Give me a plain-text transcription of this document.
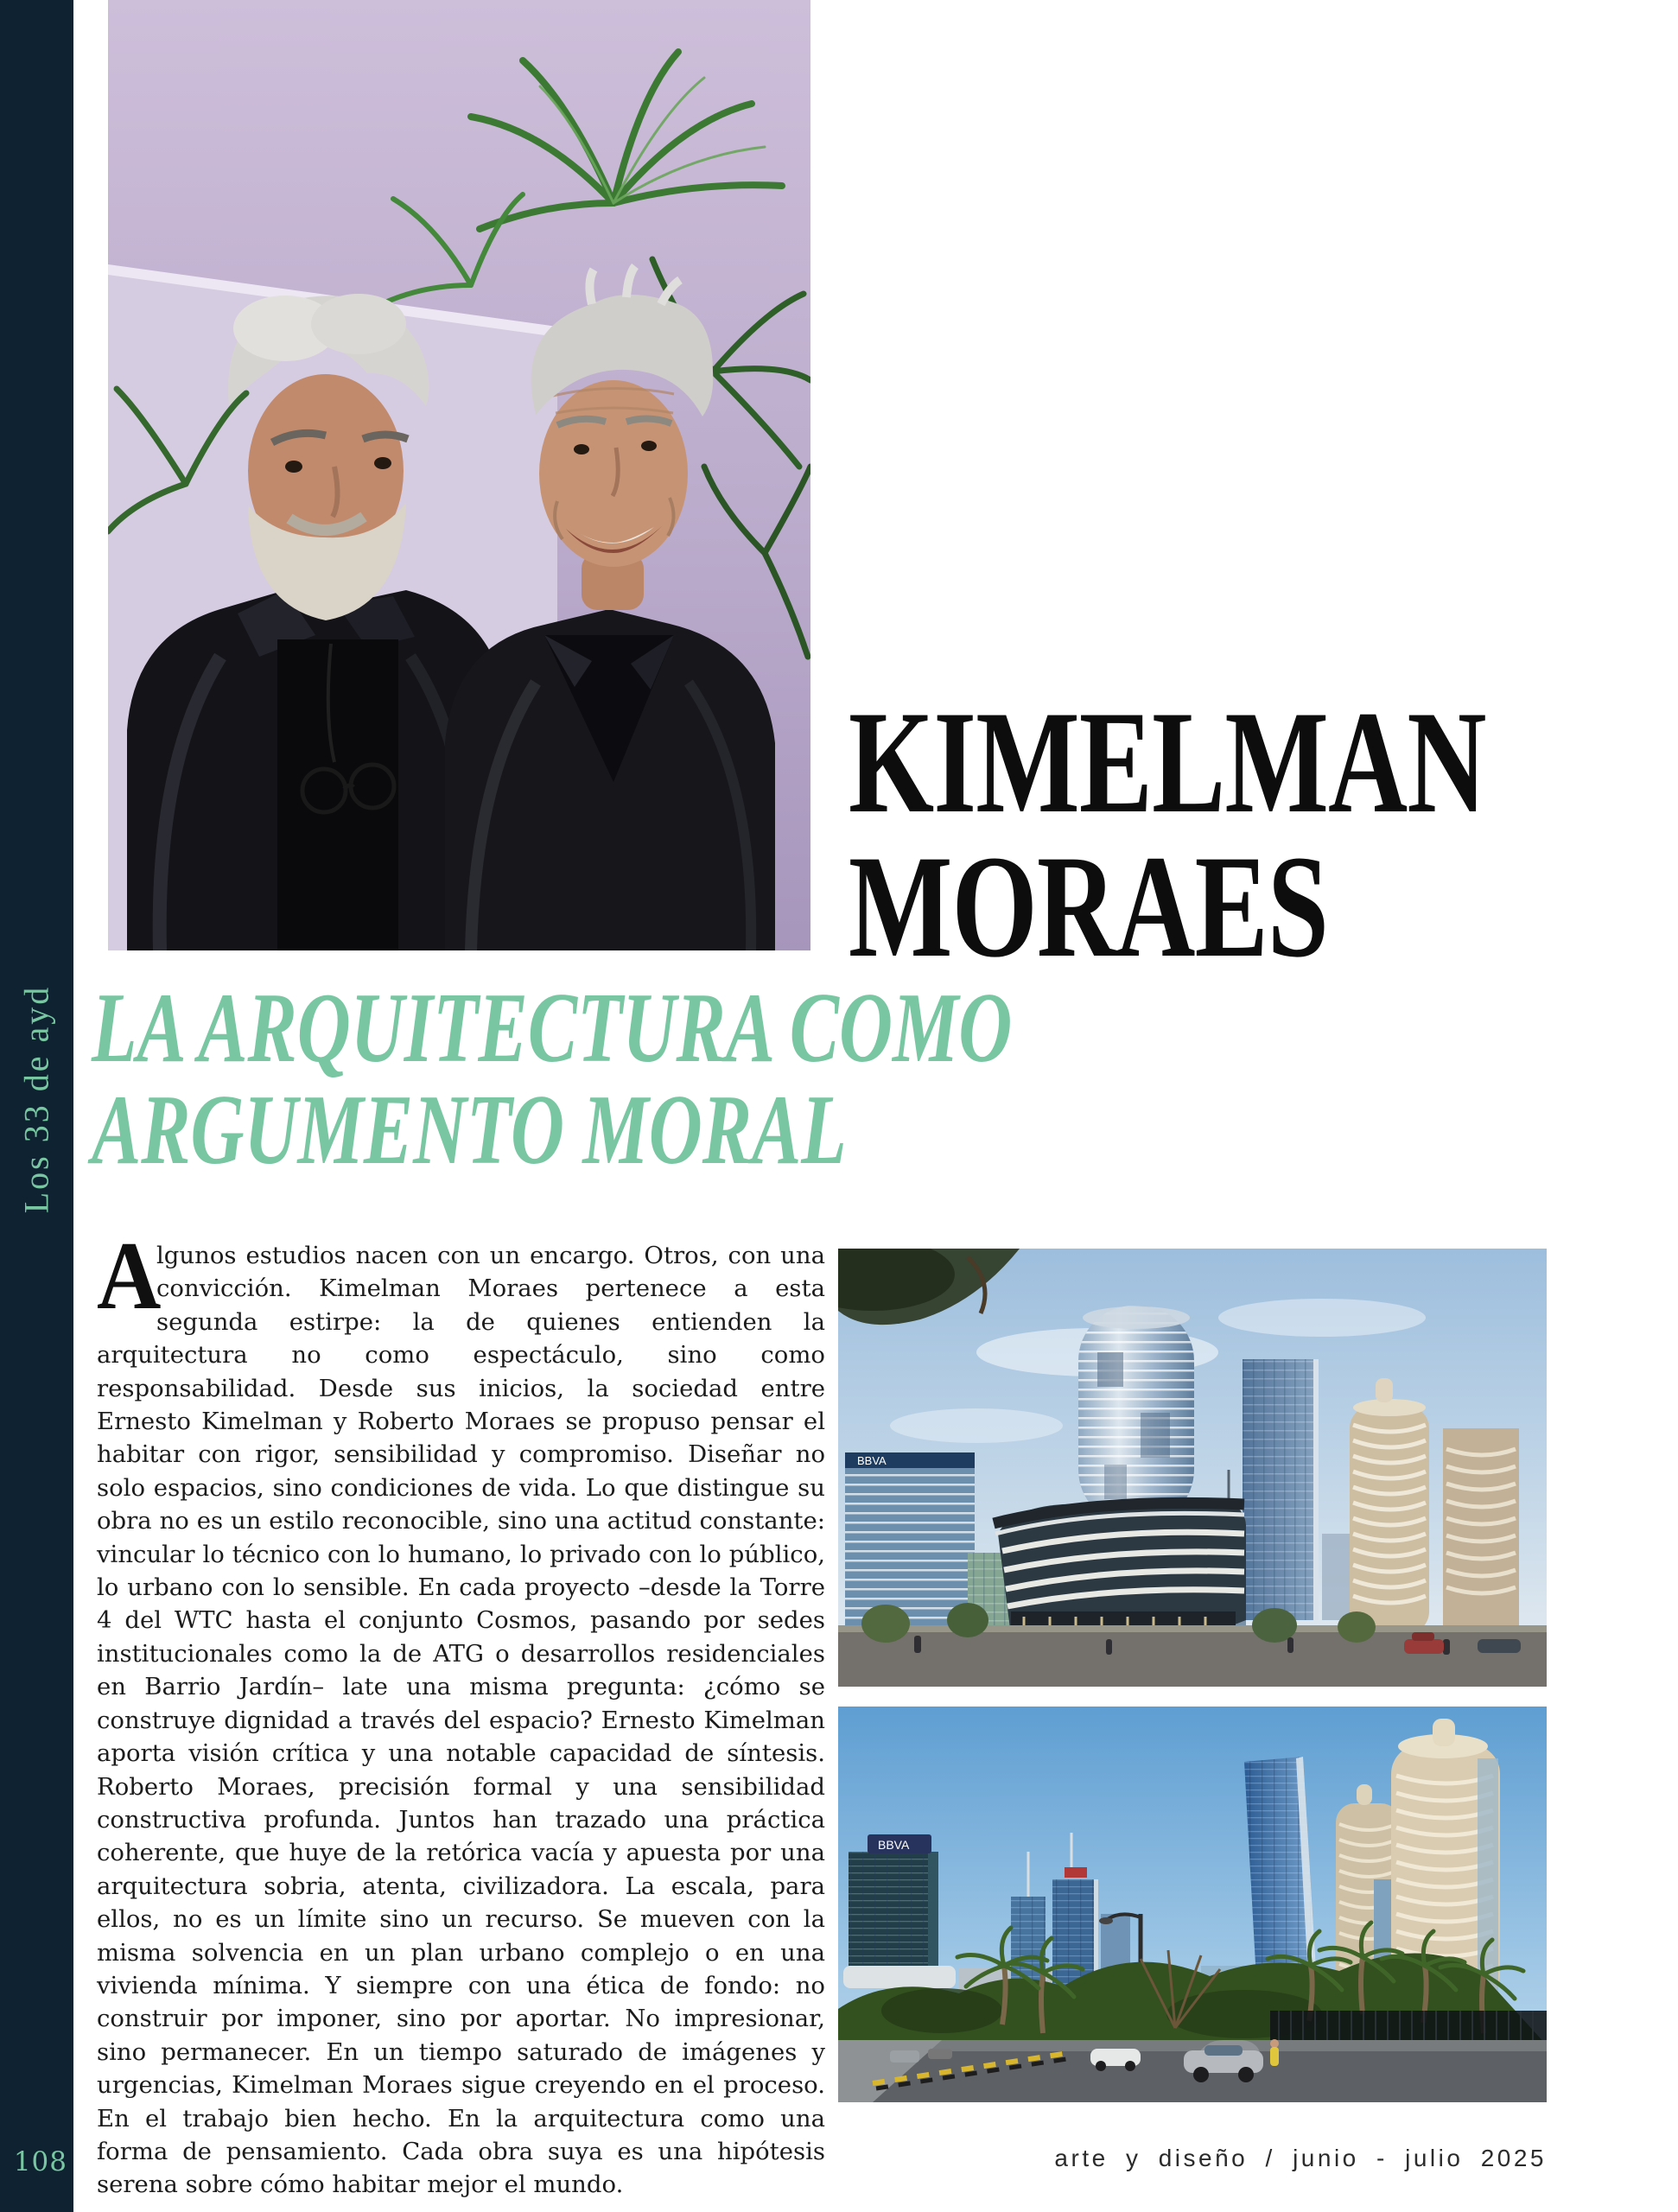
Los 33 de ayd
108
KIMELMAN
MORAES
LA ARQUITECTURA COMO
ARGUMENTO MORAL
A
lgunos estudios nacen con un encargo. Otros, con una convicción. Kimelman Moraes pertenece a esta segunda estirpe: la de quienes entienden la arquitectura no como espectáculo, sino como responsabilidad. Desde sus inicios, la sociedad entre Ernesto Kimelman y Roberto Moraes se propuso pensar el habitar con rigor, sensibilidad y compromiso. Diseñar no solo espacios, sino condiciones de vida. Lo que distingue su obra no es un estilo reconocible, sino una actitud constante: vincular lo técnico con lo humano, lo privado con lo público, lo urbano con lo sensible. En cada proyecto –desde la Torre 4 del WTC hasta el conjunto Cosmos, pasando por sedes institucionales como la de ATG o desarrollos residenciales en Barrio Jardín– late una misma pregunta: ¿cómo se construye dignidad a través del espacio? Ernesto Kimelman aporta visión crítica y una notable capacidad de síntesis. Roberto Moraes, precisión formal y una sensibilidad constructiva profunda. Juntos han trazado una práctica coherente, que huye de la retórica vacía y apuesta por una arquitectura sobria, atenta, civilizadora. La escala, para ellos, no es un límite sino un recurso. Se mueven con la misma solvencia en un plan urbano complejo o en una vivienda mínima. Y siempre con una ética de fondo: no construir por imponer, sino por aportar. No impresionar, sino permanecer. En un tiempo saturado de imágenes y urgencias, Kimelman Moraes sigue creyendo en el proceso. En el trabajo bien hecho. En la arquitectura como una forma de pensamiento. Cada obra suya es una hipótesis serena sobre cómo habitar mejor el mundo.
BBVA
BBVA
arte y diseño / junio - julio 2025
